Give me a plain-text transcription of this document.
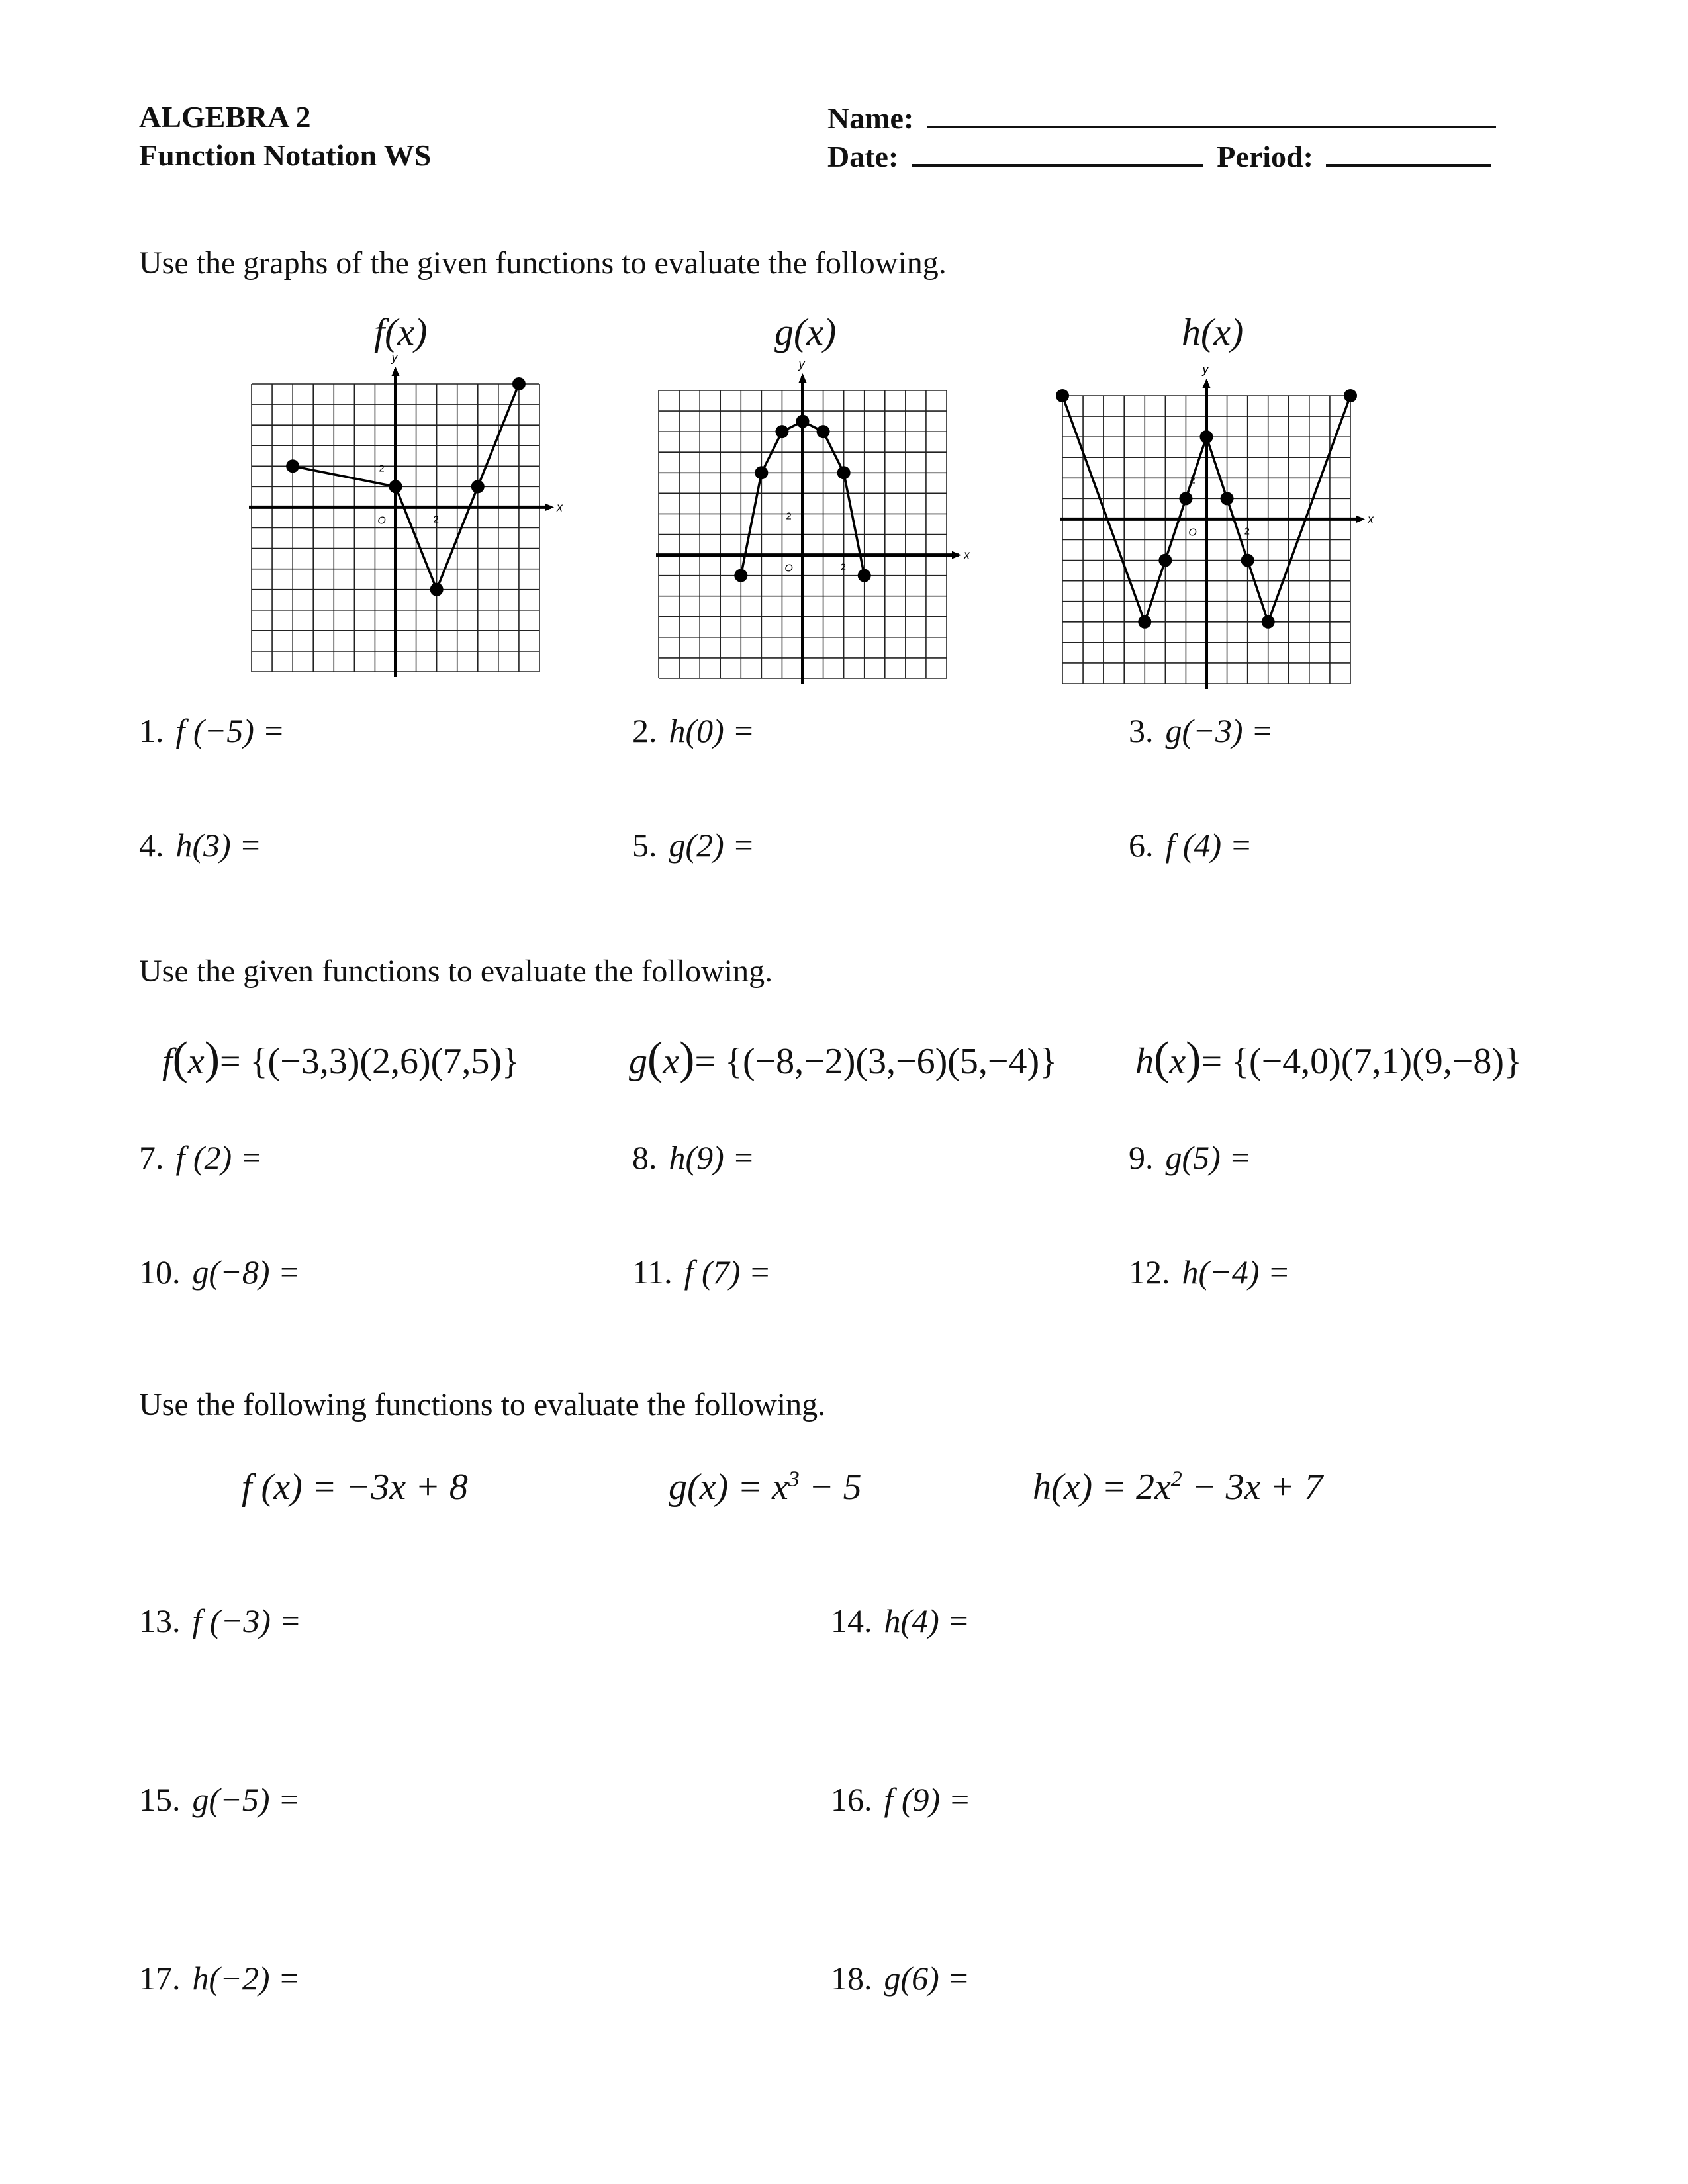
ALGEBRA 2
Function Notation WS
Name:
Date:	Period:
Use the graphs of the given functions to evaluate the following.
f(x)	g(x)	h(x)
x
y
O	2
2
x
y
O	2
2	x
y
O	2
2
1. f (−5) =	2. h(0) =	3. g(−3) =
4. h(3) =	5. g(2) =	6. f (4) =
Use the given functions to evaluate the following.
f(x)= {(−3,3)(2,6)(7,5)}	g(x)= {(−8,−2)(3,−6)(5,−4)} h(x)= {(−4,0)(7,1)(9,−8)}
7. f (2) =	8. h(9) =	9. g(5) =
10. g(−8) =	11. f (7) =	12. h(−4) =
Use the following functions to evaluate the following.
f (x) = −3x + 8	$g(x) = x^3 - 5$	$h(x) = 2x^2 - 3x + 7$
13. f (−3) =	14. h(4) =
15. g(−5) =	16. f (9) =
17. h(−2) =	18. g(6) =
